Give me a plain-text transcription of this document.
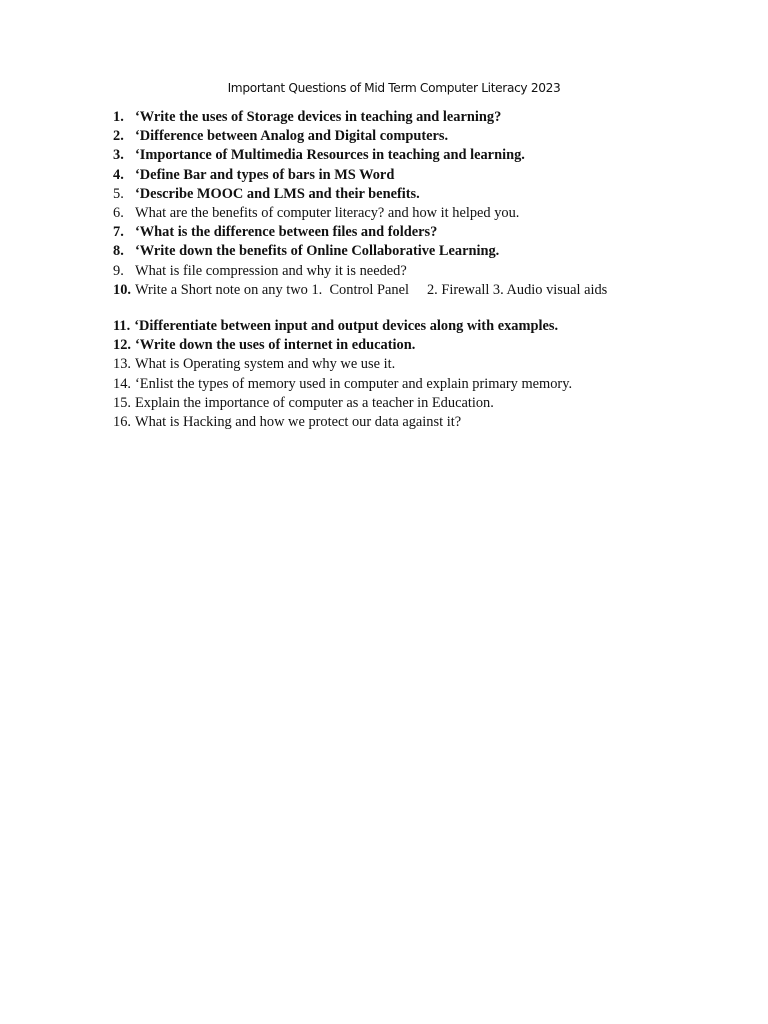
Important Questions of Mid Term Computer Literacy 2023
1. ‘Write the uses of Storage devices in teaching and learning?
2. ‘Difference between Analog and Digital computers.
3. ‘Importance of Multimedia Resources in teaching and learning.
4. ‘Define Bar and types of bars in MS Word
5. ‘Describe MOOC and LMS and their benefits.
6. What are the benefits of computer literacy? and how it helped you.
7. ‘What is the difference between files and folders?
8. ‘Write down the benefits of Online Collaborative Learning.
9. What is file compression and why it is needed?
10. Write a Short note on any two 1.  Control Panel     2. Firewall 3. Audio visual aids
11. ‘Differentiate between input and output devices along with examples.
12. ‘Write down the uses of internet in education.
13. What is Operating system and why we use it.
14. ‘Enlist the types of memory used in computer and explain primary memory.
15. Explain the importance of computer as a teacher in Education.
16. What is Hacking and how we protect our data against it?
